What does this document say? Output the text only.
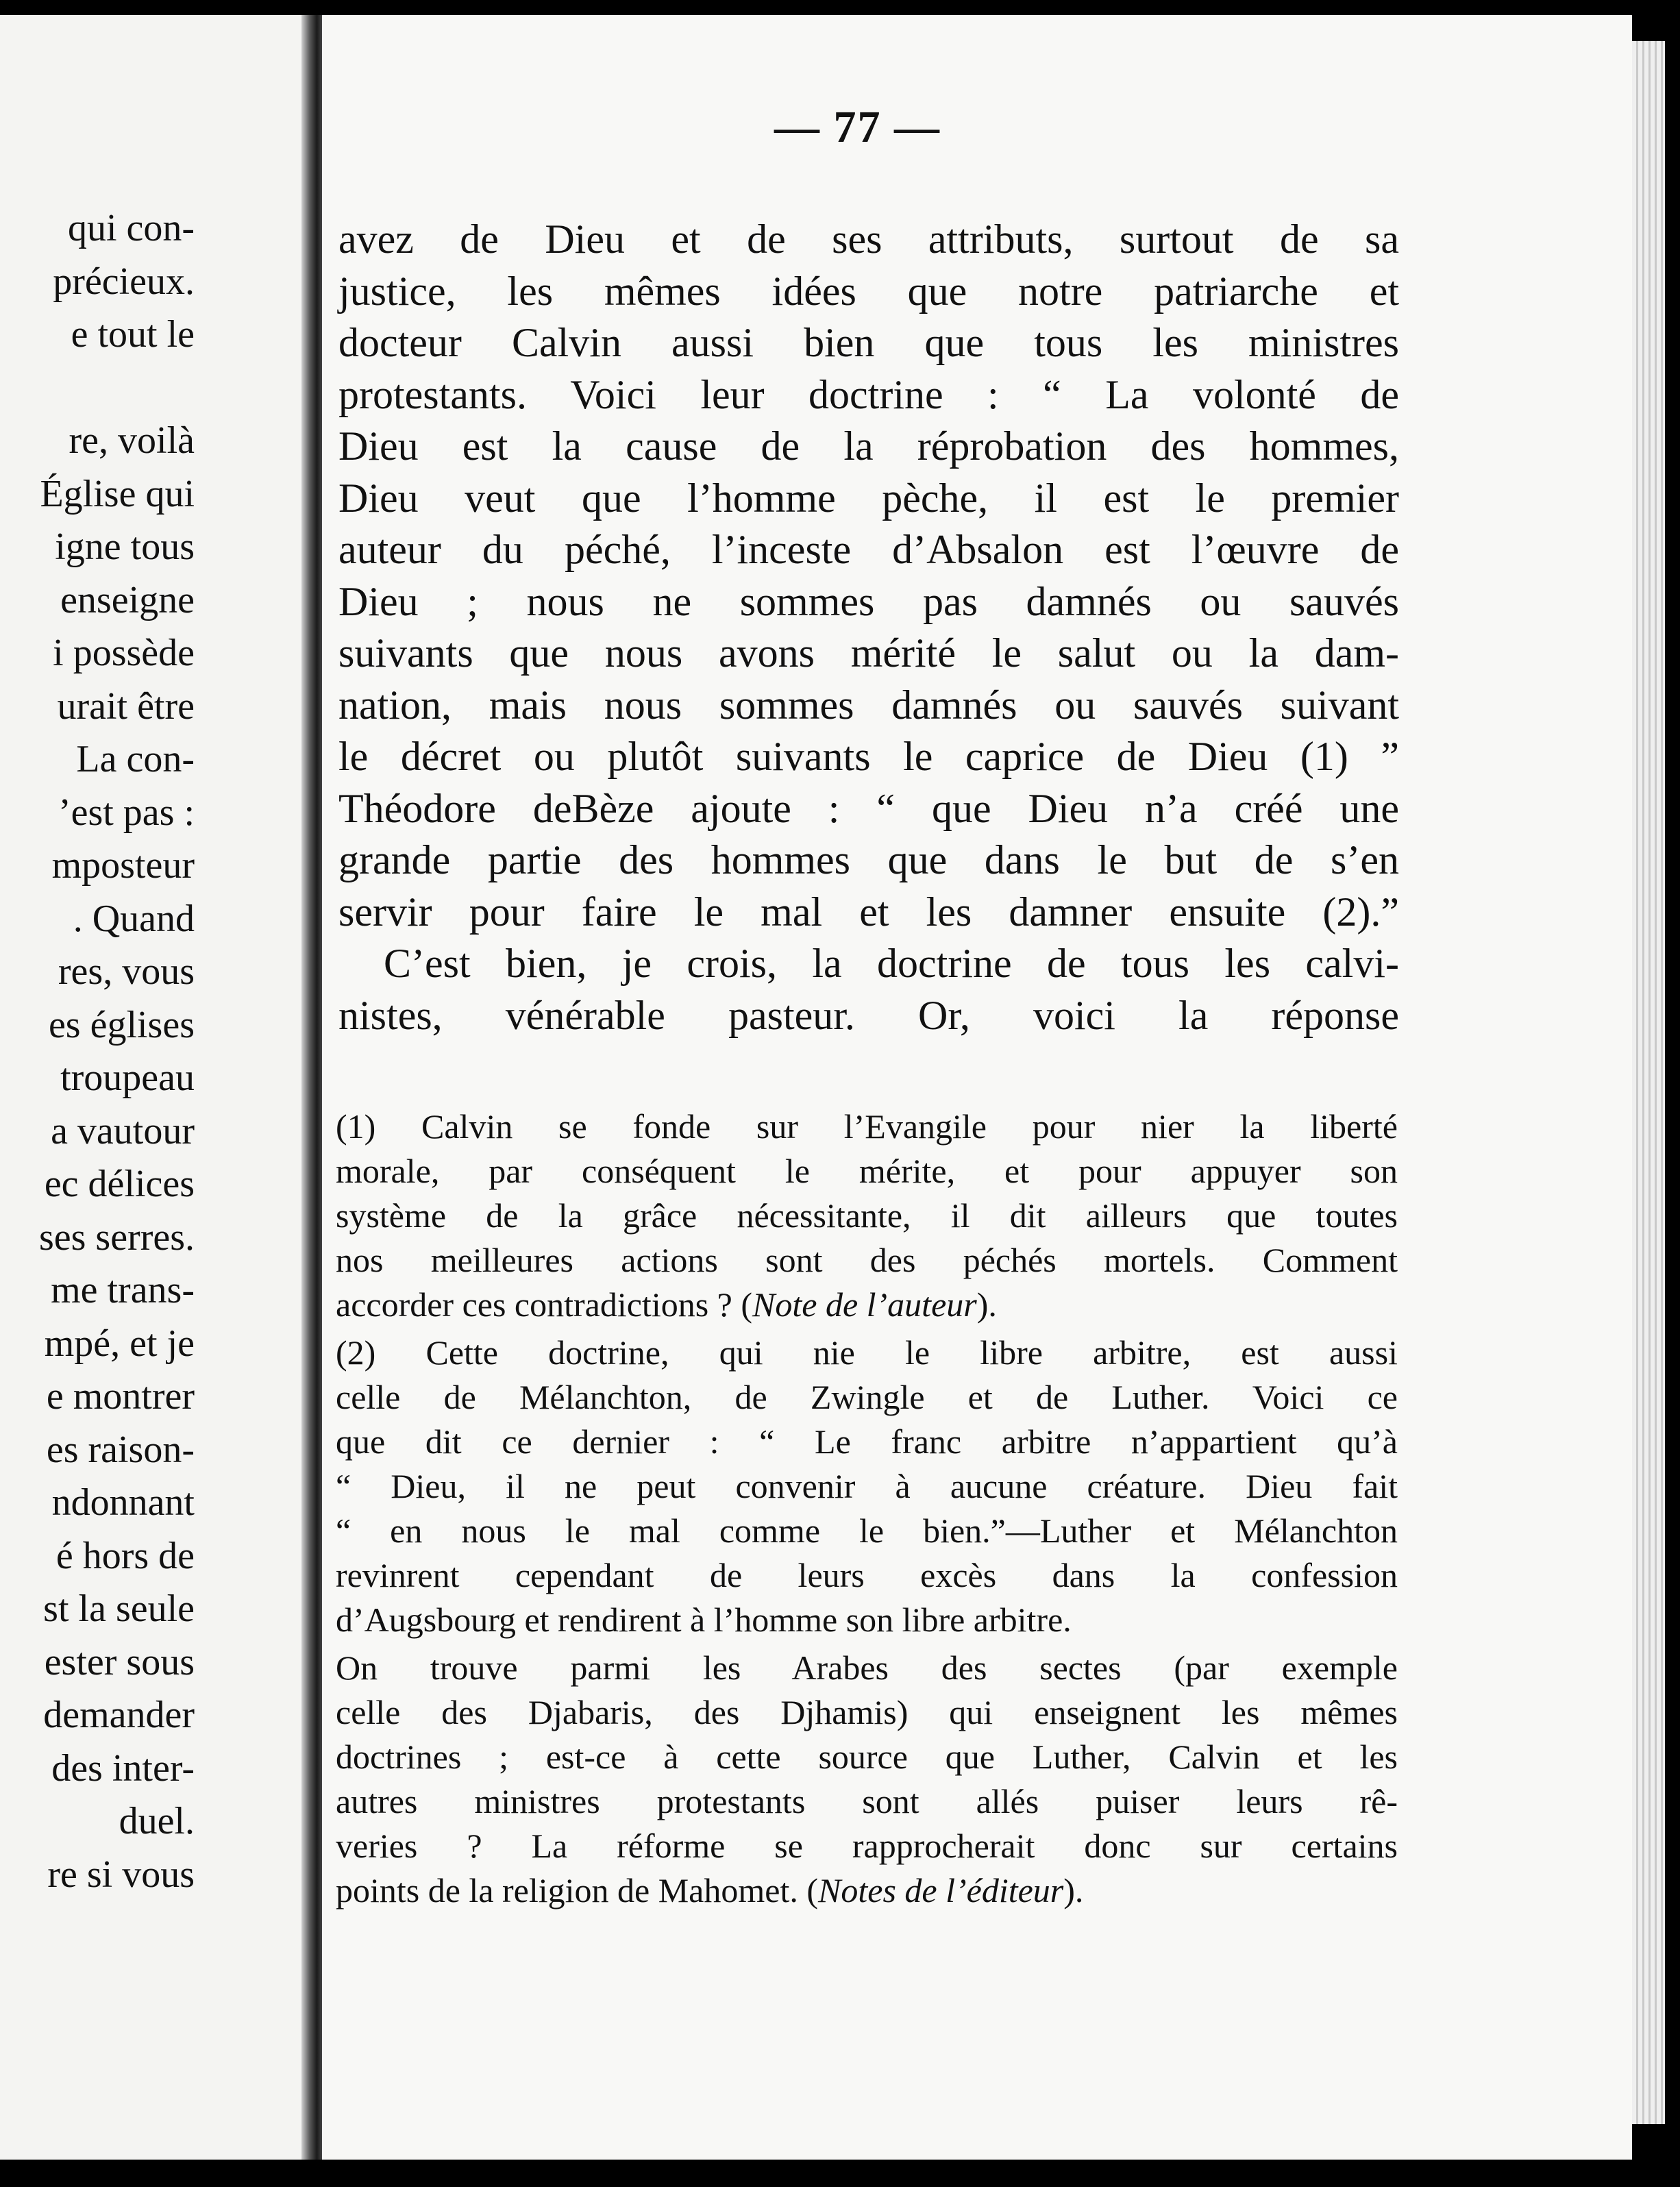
qui con-
précieux.
e tout le
re, voilà
Église qui
igne tous
enseigne
i possède
urait être
La con-
’est pas :
mposteur
. Quand
res, vous
es églises
troupeau
a vautour
ec délices
ses serres.
me trans-
mpé, et je
e montrer
es raison-
ndonnant
é hors de
st la seule
ester sous
demander
des inter-
duel.
re si vous
— 77 —
avez de Dieu et de ses attributs, surtout de sa
justice, les mêmes idées que notre patriarche et
docteur Calvin aussi bien que tous les ministres
protestants. Voici leur doctrine : “ La volonté de
Dieu est la cause de la réprobation des hommes,
Dieu veut que l’homme pèche, il est le premier
auteur du péché, l’inceste d’Absalon est l’œuvre de
Dieu ; nous ne sommes pas damnés ou sauvés
suivants que nous avons mérité le salut ou la dam-
nation, mais nous sommes damnés ou sauvés suivant
le décret ou plutôt suivants le caprice de Dieu (1) ”
Théodore deBèze ajoute : “ que Dieu n’a créé une
grande partie des hommes que dans le but de s’en
servir pour faire le mal et les damner ensuite (2).”
C’est bien, je crois, la doctrine de tous les calvi-
nistes, vénérable pasteur. Or, voici la réponse
(1) Calvin se fonde sur l’Evangile pour nier la liberté
morale, par conséquent le mérite, et pour appuyer son
système de la grâce nécessitante, il dit ailleurs que toutes
nos meilleures actions sont des péchés mortels. Comment
accorder ces contradictions ? (Note de l’auteur).
(2) Cette doctrine, qui nie le libre arbitre, est aussi
celle de Mélanchton, de Zwingle et de Luther. Voici ce
que dit ce dernier : “ Le franc arbitre n’appartient qu’à
“ Dieu, il ne peut convenir à aucune créature. Dieu fait
“ en nous le mal comme le bien.”—Luther et Mélanchton
revinrent cependant de leurs excès dans la confession
d’Augsbourg et rendirent à l’homme son libre arbitre.
On trouve parmi les Arabes des sectes (par exemple
celle des Djabaris, des Djhamis) qui enseignent les mêmes
doctrines ; est-ce à cette source que Luther, Calvin et les
autres ministres protestants sont allés puiser leurs rê-
veries ? La réforme se rapprocherait donc sur certains
points de la religion de Mahomet. (Notes de l’éditeur).
